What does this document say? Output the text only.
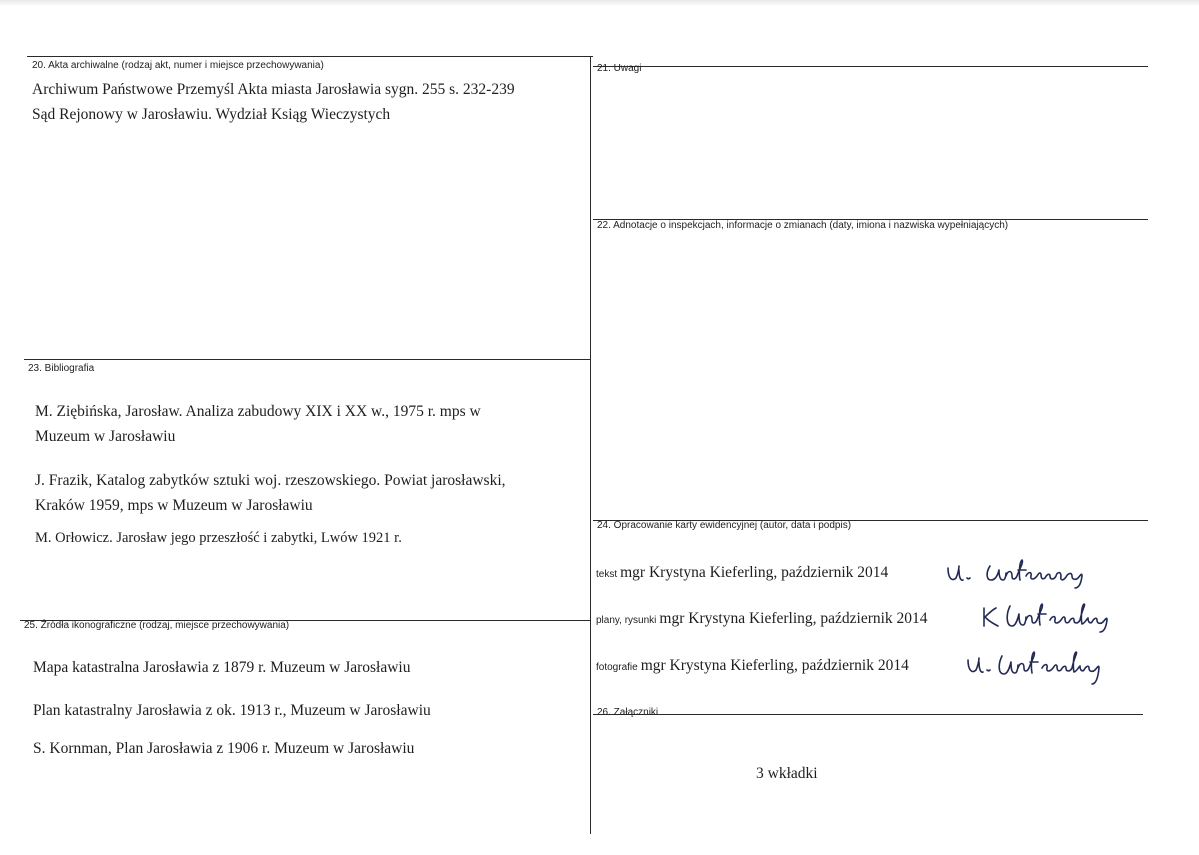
20. Akta archiwalne (rodzaj akt, numer i miejsce przechowywania)
Archiwum Państwowe Przemyśl Akta miasta Jarosławia sygn. 255 s. 232-239
Sąd Rejonowy w Jarosławiu. Wydział Ksiąg Wieczystych
21. Uwagi
22. Adnotacje o inspekcjach, informacje o zmianach (daty, imiona i nazwiska wypełniających)
23. Bibliografia
M. Ziębińska, Jarosław. Analiza zabudowy XIX i XX w., 1975 r. mps w
Muzeum w Jarosławiu
J. Frazik, Katalog zabytków sztuki woj. rzeszowskiego. Powiat jarosławski,
Kraków 1959, mps w Muzeum w Jarosławiu
M. Orłowicz. Jarosław jego przeszłość i zabytki, Lwów 1921 r.
24. Opracowanie karty ewidencyjnej (autor, data i podpis)
tekst mgr Krystyna Kieferling, październik 2014
plany, rysunki mgr Krystyna Kieferling, październik 2014
fotografie mgr Krystyna Kieferling, październik 2014
25. Źródła ikonograficzne (rodzaj, miejsce przechowywania)
Mapa katastralna Jarosławia z 1879 r. Muzeum w Jarosławiu
Plan katastralny Jarosławia z ok. 1913 r., Muzeum w Jarosławiu
S. Kornman, Plan Jarosławia z 1906 r. Muzeum w Jarosławiu
26. Załączniki
3 wkładki
